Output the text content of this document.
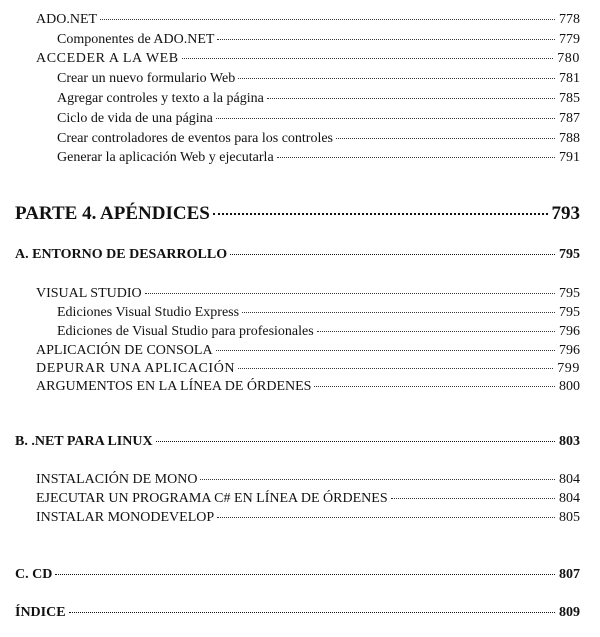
ADO.NET	778
Componentes de ADO.NET	779
ACCEDER A LA WEB	780
Crear un nuevo formulario Web	781
Agregar controles y texto a la página	785
Ciclo de vida de una página	787
Crear controladores de eventos para los controles	788
Generar la aplicación Web y ejecutarla	791
PARTE 4. APÉNDICES	793
A. ENTORNO DE DESARROLLO	795
VISUAL STUDIO	795
Ediciones Visual Studio Express	795
Ediciones de Visual Studio para profesionales	796
APLICACIÓN DE CONSOLA	796
DEPURAR UNA APLICACIÓN	799
ARGUMENTOS EN LA LÍNEA DE ÓRDENES	800
B. .NET PARA LINUX	803
INSTALACIÓN DE MONO	804
EJECUTAR UN PROGRAMA C# EN LÍNEA DE ÓRDENES	804
INSTALAR MONODEVELOP	805
C. CD	807
ÍNDICE	809
